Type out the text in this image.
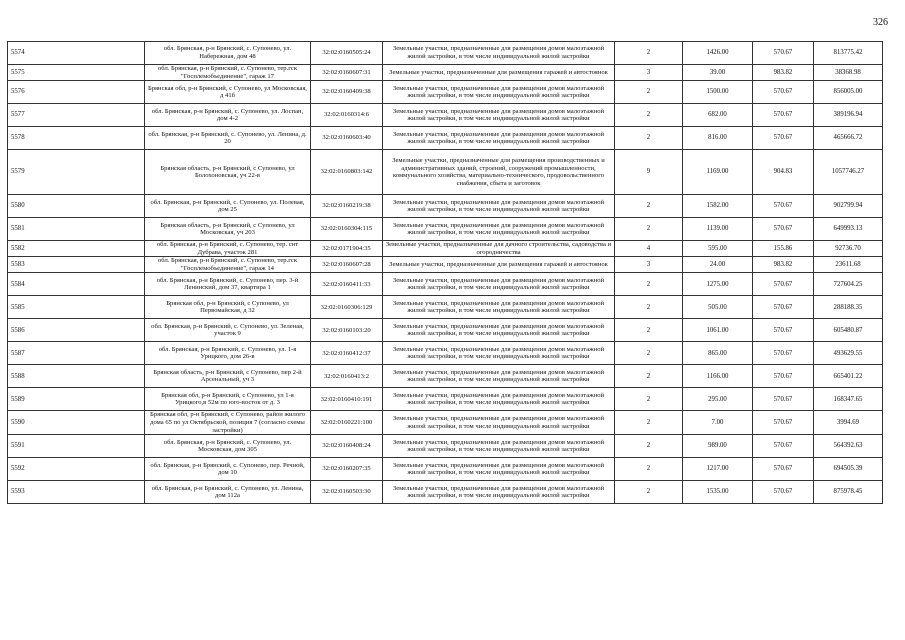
326
5574	обл. Брянская, р-н Брянский, с. Супонево, ул. Набережная, дом 48	32:02:0160505:24	Земельные участки, предназначенные для размещения домов малоэтажной жилой застройки, в том числе индивидуальной жилой застройки	2	1426.00	570.67	813775.42
5575	обл. Брянская, р-н Брянский, с. Супонево, тер.гск "Госплемобъединение", гараж 17	32:02:0160607:31	Земельные участки, предназначенные для размещения гаражей и автостоянок	3	39.00	983.82	38368.98
5576	Брянская обл, р-н Брянский, с Супонево, ул Московская, д 41б	32:02:0160409:38	Земельные участки, предназначенные для размещения домов малоэтажной жилой застройки, в том числе индивидуальной жилой застройки	2	1500.00	570.67	856005.00
5577	обл. Брянская, р-н Брянский, с. Супонево, ул. Лоспан, дом 4-2	32:02:0160314:6	Земельные участки, предназначенные для размещения домов малоэтажной жилой застройки, в том числе индивидуальной жилой застройки	2	682.00	570.67	389196.94
5578	обл. Брянская, р-н Брянский, с. Супонево, ул. Ленина, д. 20	32:02:0160603:40	Земельные участки, предназначенные для размещения домов малоэтажной жилой застройки, в том числе индивидуальной жилой застройки	2	816.00	570.67	465666.72
5579	Брянская область, р-н Брянский, с Супонево, ул Болохоновская, уч 22-в	32:02:0160803:142	Земельные участки, предназначенные для размещения производственных и административных зданий, строений, сооружений промышленности, коммунального хозяйства, материально-технического, продовольственного снабжения, сбыта и заготовок	9	1169.00	904.83	1057746.27
5580	обл. Брянская, р-н Брянский, с. Супонево, ул. Полевая, дом 25	32:02:0160219:38	Земельные участки, предназначенные для размещения домов малоэтажной жилой застройки, в том числе индивидуальной жилой застройки	2	1582.00	570.67	902799.94
5581	Брянская область, р-н Брянский, с Супонево, ул Московская, уч 203	32:02:0160304:115	Земельные участки, предназначенные для размещения домов малоэтажной жилой застройки, в том числе индивидуальной жилой застройки	2	1139.00	570.67	649993.13
5582	обл. Брянская, р-н Брянский, с. Супонево, тер. снт Дубрава, участок 281	32:02:0171904:35	Земельные участки, предназначенные для дачного строительства, садоводства и огородничества	4	595.00	155.86	92736.70
5583	обл. Брянская, р-н Брянский, с. Супонево, тер.гск "Госплемобъединение", гараж 14	32:02:0160607:28	Земельные участки, предназначенные для размещения гаражей и автостоянок	3	24.00	983.82	23611.68
5584	обл. Брянская, р-н Брянский, с. Супонево, пер. 3-й Ленинский, дом 37, квартира 1	32:02:0160411:33	Земельные участки, предназначенные для размещения домов малоэтажной жилой застройки, в том числе индивидуальной жилой застройки	2	1275.00	570.67	727604.25
5585	Брянская обл, р-н Брянский, с Супонево, ул Первомайская, д 32	32:02:0160306:129	Земельные участки, предназначенные для размещения домов малоэтажной жилой застройки, в том числе индивидуальной жилой застройки	2	505.00	570.67	288188.35
5586	обл. Брянская, р-н Брянский, с. Супонево, ул. Зеленая, участок 9	32:02:0160103:20	Земельные участки, предназначенные для размещения домов малоэтажной жилой застройки, в том числе индивидуальной жилой застройки	2	1061.00	570.67	605480.87
5587	обл. Брянская, р-н Брянский, с. Супонево, ул. 1-я Урицкого, дом 26-в	32:02:0160412:37	Земельные участки, предназначенные для размещения домов малоэтажной жилой застройки, в том числе индивидуальной жилой застройки	2	865.00	570.67	493629.55
5588	Брянская область, р-н Брянский, с Супонево, пер 2-й Арсенальный, уч 3	32:02:0160413:2	Земельные участки, предназначенные для размещения домов малоэтажной жилой застройки, в том числе индивидуальной жилой застройки	2	1166.00	570.67	665401.22
5589	Брянская обл, р-н Брянский, с Супонево, ул 1-я Урицкого,в 52м по юго-восток от д. 3	32:02:0160410:191	Земельные участки, предназначенные для размещения домов малоэтажной жилой застройки, в том числе индивидуальной жилой застройки	2	295.00	570.67	168347.65
5590	Брянская обл, р-н Брянский, с Супонево, район жилого дома 65 по ул Октябрьской, позиция 7 (согласно схемы застройки)	32:02:0160221:100	Земельные участки, предназначенные для размещения домов малоэтажной жилой застройки, в том числе индивидуальной жилой застройки	2	7.00	570.67	3994.69
5591	обл. Брянская, р-н Брянский, с. Супонево, ул. Московская, дом 305	32:02:0160408:24	Земельные участки, предназначенные для размещения домов малоэтажной жилой застройки, в том числе индивидуальной жилой застройки	2	989.00	570.67	564392.63
5592	обл. Брянская, р-н Брянский, с. Супонево, пер. Речной, дом 10	32:02:0160207:35	Земельные участки, предназначенные для размещения домов малоэтажной жилой застройки, в том числе индивидуальной жилой застройки	2	1217.00	570.67	694505.39
5593	обл. Брянская, р-н Брянский, с. Супонево, ул. Ленина, дом 112а	32:02:0160503:30	Земельные участки, предназначенные для размещения домов малоэтажной жилой застройки, в том числе индивидуальной жилой застройки	2	1535.00	570.67	875978.45
